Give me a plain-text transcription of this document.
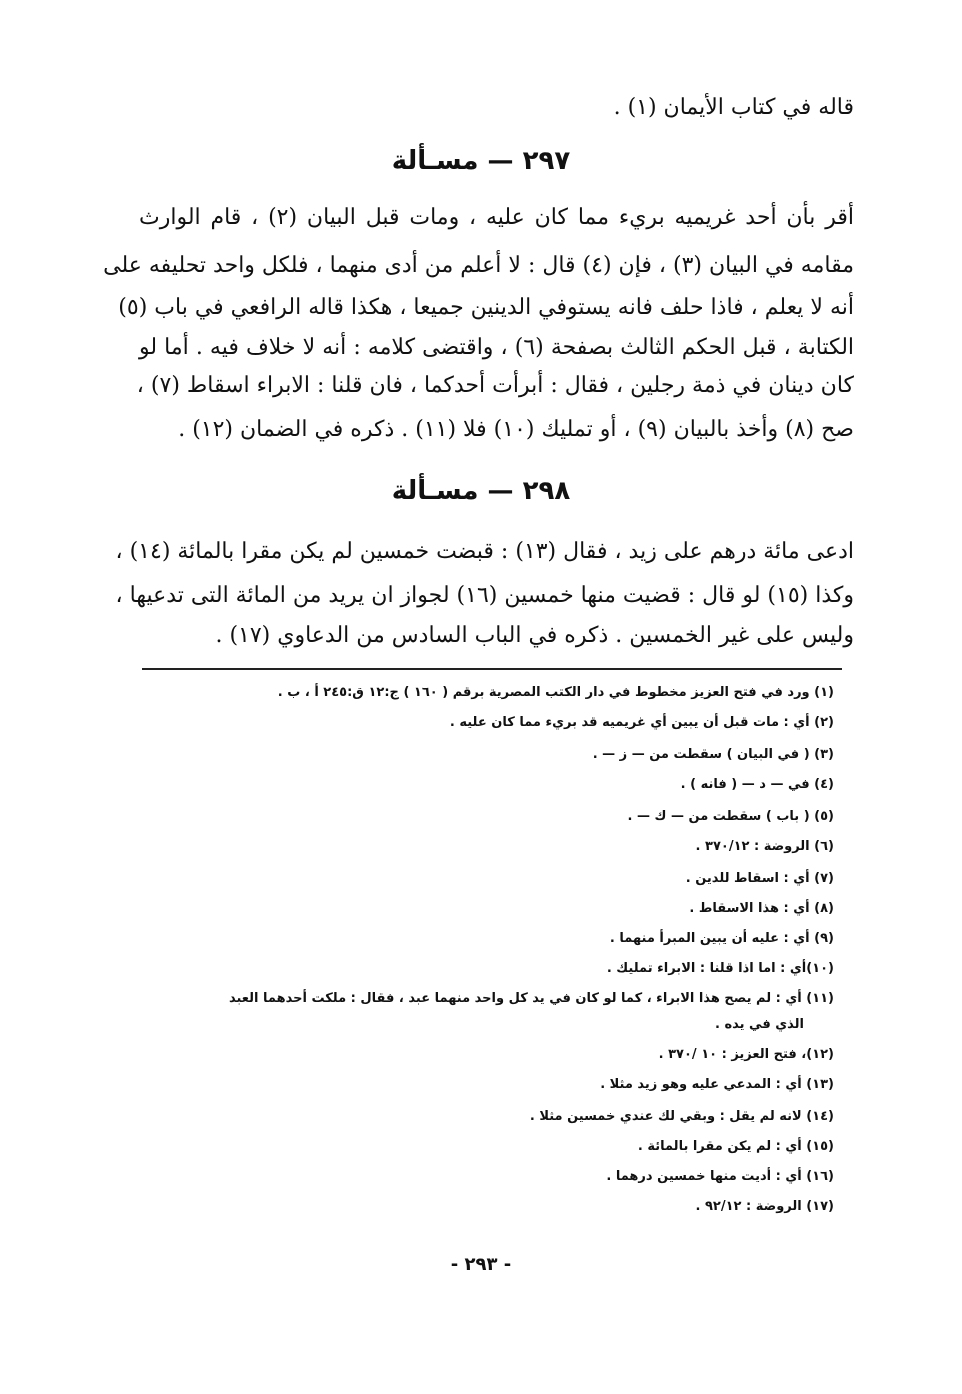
قاله في كتاب الأيمان (١) .
٢٩٧ — مسـألة
أقر بأن أحد غريميه بريء مما كان عليه ، ومات قبل البيان (٢) ، قام الوارث
مقامه في البيان (٣) ، فإن (٤) قال : لا أعلم من أدى منهما ، فلكل واحد تحليفه على
أنه لا يعلم ، فاذا حلف فانه يستوفي الدينين جميعا ، هكذا قاله الرافعي في باب (٥)
الكتابة ، قبل الحكم الثالث بصفحة (٦) ، واقتضى كلامه : أنه لا خلاف فيه . أما لو
كان دينان في ذمة رجلين ، فقال : أبرأت أحدكما ، فان قلنا : الابراء اسقاط (٧) ،
صح (٨) وأخذ بالبيان (٩) ، أو تمليك (١٠) فلا (١١) . ذكره في الضمان (١٢) .
٢٩٨ — مسـألة
ادعى مائة درهم على زيد ، فقال (١٣) : قبضت خمسين لم يكن مقرا بالمائة (١٤) ،
وكذا (١٥) لو قال : قضيت منها خمسين (١٦) لجواز ان يريد من المائة التى تدعيها ،
وليس على غير الخمسين . ذكره في الباب السادس من الدعاوي (١٧) .
(١) ورد في فتح العزيز مخطوط في دار الكتب المصرية برقم ( ١٦٠ ) ج:١٢ ق:٢٤٥ أ ، ب .
(٢) أي : مات قبل أن يبين أي غريميه قد بريء مما كان عليه .
(٣) ( في البيان ) سقطت من — ز — .
(٤) في — د — ( فانه ) .
(٥) ( باب ) سقطت من — ك — .
(٦) الروضة : ٣٧٠/١٢ .
(٧) أي : اسقاط للدين .
(٨) أي : هذا الاسقاط .
(٩) أي : عليه أن يبين المبرأ منهما .
(١٠)أي : اما اذا قلنا : الابراء تمليك .
(١١) أي : لم يصح هذا الابراء ، كما لو كان في يد كل واحد منهما عبد ، فقال : ملكت أحدهما العبد
الذي في يده .
(١٢)، فتح العزيز : ١٠ /٣٧٠ .
(١٣) أي : المدعي عليه وهو زيد مثلا .
(١٤) لانه لم يقل : وبقي لك عندي خمسين مثلا .
(١٥) أي : لم يكن مقرا بالمائة .
(١٦) أي : أديت منها خمسين درهما .
(١٧) الروضة : ٩٢/١٢ .
- ٢٩٣ -
